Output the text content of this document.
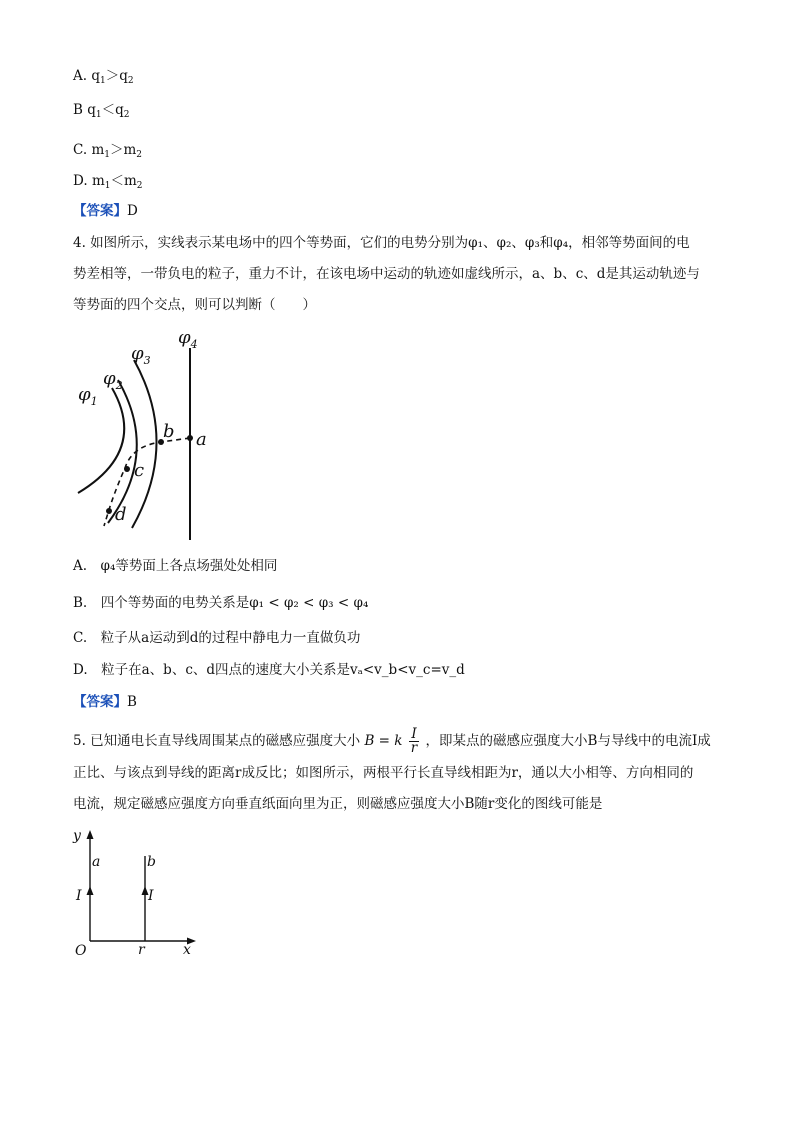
A. $q_1>q_2$
B $q_1<q_2$
C. $m_1>m_2$
D. $m_1<m_2$
【答案】D
4. 如图所示，实线表示某电场中的四个等势面，它们的电势分别为φ₁、φ₂、φ₃和φ₄，相邻等势面间的电
势差相等，一带负电的粒子，重力不计，在该电场中运动的轨迹如虚线所示，a、b、c、d是其运动轨迹与
等势面的四个交点，则可以判断（　　）
$\varphi_1$
$\varphi_2$
$\varphi_3$
$\varphi_4$
a
b
c
d
A.　φ₄等势面上各点场强处处相同
B.　四个等势面的电势关系是φ₁ < φ₂ < φ₃ < φ₄
C.　粒子从a运动到d的过程中静电力一直做负功
D.　粒子在a、b、c、d四点的速度大小关系是vₐ<v_b<v_c=v_d
【答案】B
5. 已知通电长直导线周围某点的磁感应强度大小 B = k $\frac{I}{r}$ ，即某点的磁感应强度大小B与导线中的电流I成
正比、与该点到导线的距离r成反比；如图所示，两根平行长直导线相距为r，通以大小相等、方向相同的
电流，规定磁感应强度方向垂直纸面向里为正，则磁感应强度大小B随r变化的图线可能是
y
x
O
a	b
I	I
r
